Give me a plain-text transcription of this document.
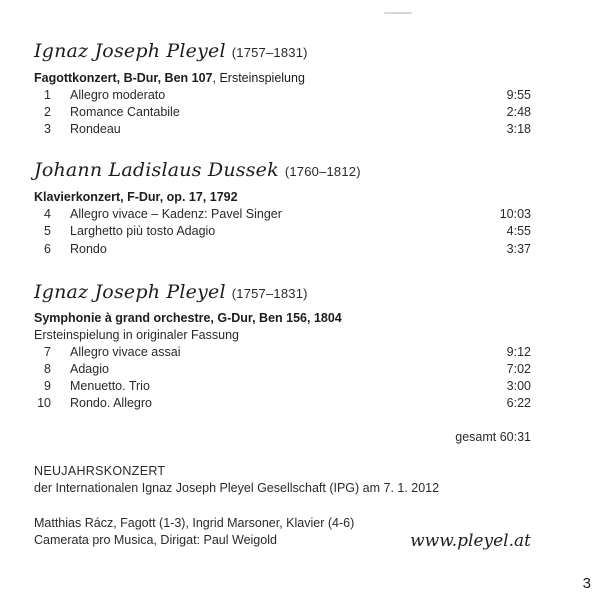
Ignaz Joseph Pleyel (1757–1831)
Fagottkonzert, B-Dur, Ben 107, Ersteinspielung
1 Allegro moderato	9:55
2 Romance Cantabile	2:48
3 Rondeau	3:18
Johann Ladislaus Dussek (1760–1812)
Klavierkonzert, F-Dur, op. 17, 1792
4 Allegro vivace – Kadenz: Pavel Singer	10:03
5 Larghetto più tosto Adagio	4:55
6 Rondo	3:37
Ignaz Joseph Pleyel (1757–1831)
Symphonie à grand orchestre, G-Dur, Ben 156, 1804
Ersteinspielung in originaler Fassung
7 Allegro vivace assai	9:12
8 Adagio	7:02
9 Menuetto. Trio	3:00
10 Rondo. Allegro	6:22
gesamt 60:31
NEUJAHRSKONZERT
der Internationalen Ignaz Joseph Pleyel Gesellschaft (IPG) am 7. 1. 2012
Matthias Rácz, Fagott (1-3), Ingrid Marsoner, Klavier (4-6)
Camerata pro Musica, Dirigat: Paul Weigold	www.pleyel.at
3
